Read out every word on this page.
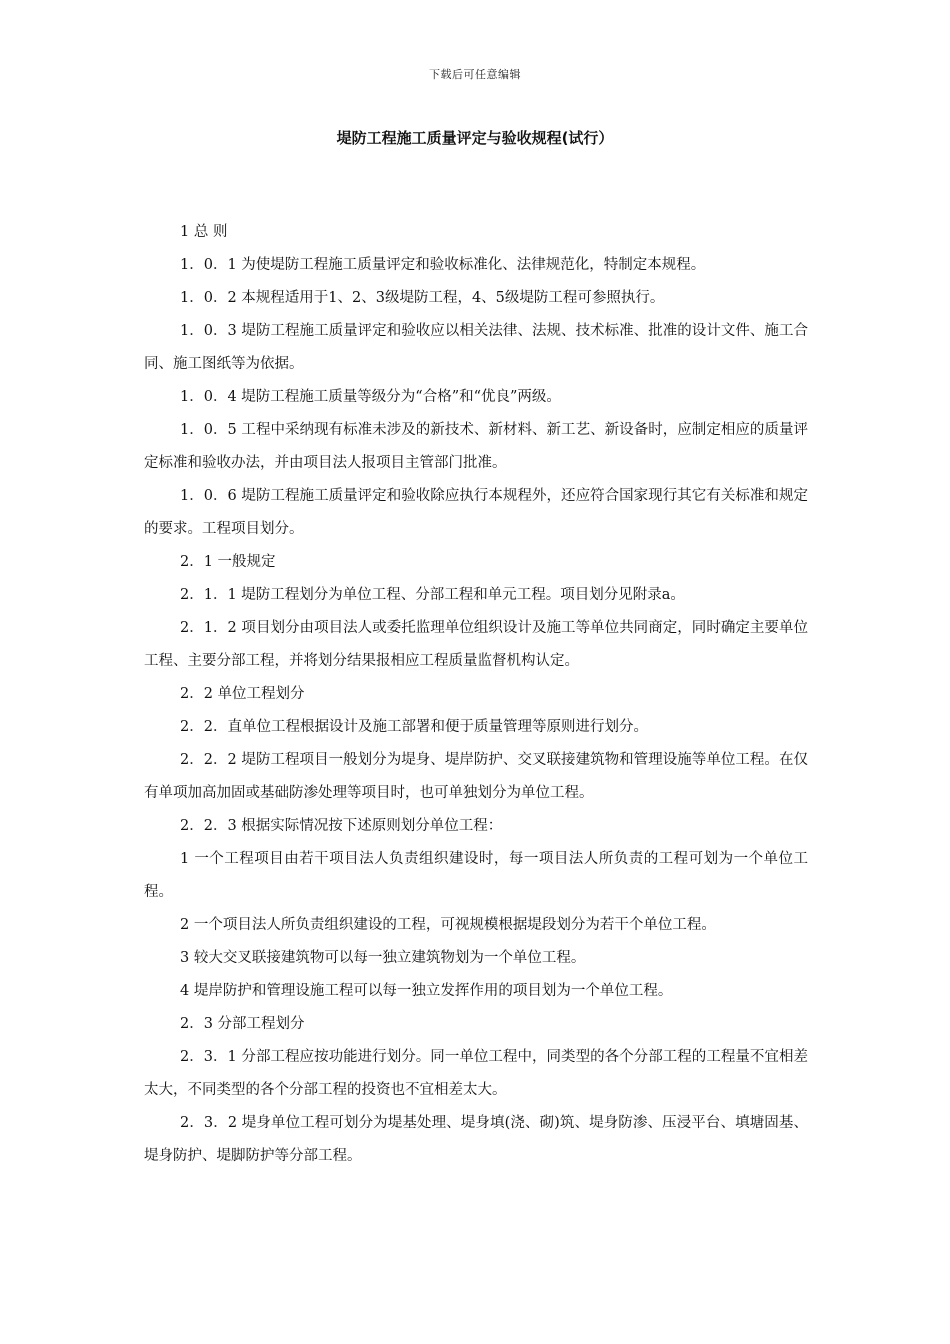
下载后可任意编辑
堤防工程施工质量评定与验收规程(试行）

1 总 则

1．0．1 为使堤防工程施工质量评定和验收标准化、法律规范化，特制定本规程。

1．0．2 本规程适用于1、2、3级堤防工程，4、5级堤防工程可参照执行。

1．0．3 堤防工程施工质量评定和验收应以相关法律、法规、技术标准、批准的设计文件、施工合同、施工图纸等为依据。

1．0．4 堤防工程施工质量等级分为“合格”和“优良”两级。

1．0．5 工程中采纳现有标准未涉及的新技术、新材料、新工艺、新设备时，应制定相应的质量评定标准和验收办法，并由项目法人报项目主管部门批准。

1．0．6 堤防工程施工质量评定和验收除应执行本规程外，还应符合国家现行其它有关标准和规定的要求。工程项目划分。

2．1 一般规定

2．1．1 堤防工程划分为单位工程、分部工程和单元工程。项目划分见附录a。

2．1．2 项目划分由项目法人或委托监理单位组织设计及施工等单位共同商定，同时确定主要单位工程、主要分部工程，并将划分结果报相应工程质量监督机构认定。

2．2 单位工程划分

2．2．直单位工程根据设计及施工部署和便于质量管理等原则进行划分。

2．2．2 堤防工程项目一般划分为堤身、堤岸防护、交叉联接建筑物和管理设施等单位工程。在仅有单项加高加固或基础防渗处理等项目时，也可单独划分为单位工程。

2．2．3 根据实际情况按下述原则划分单位工程：

1 一个工程项目由若干项目法人负责组织建设时，每一项目法人所负责的工程可划为一个单位工程。

2 一个项目法人所负责组织建设的工程，可视规模根据堤段划分为若干个单位工程。

3 较大交叉联接建筑物可以每一独立建筑物划为一个单位工程。

4 堤岸防护和管理设施工程可以每一独立发挥作用的项目划为一个单位工程。

2．3 分部工程划分

2．3．1 分部工程应按功能进行划分。同一单位工程中，同类型的各个分部工程的工程量不宜相差太大，不同类型的各个分部工程的投资也不宜相差太大。

2．3．2 堤身单位工程可划分为堤基处理、堤身填(浇、砌)筑、堤身防渗、压浸平台、填塘固基、堤身防护、堤脚防护等分部工程。
